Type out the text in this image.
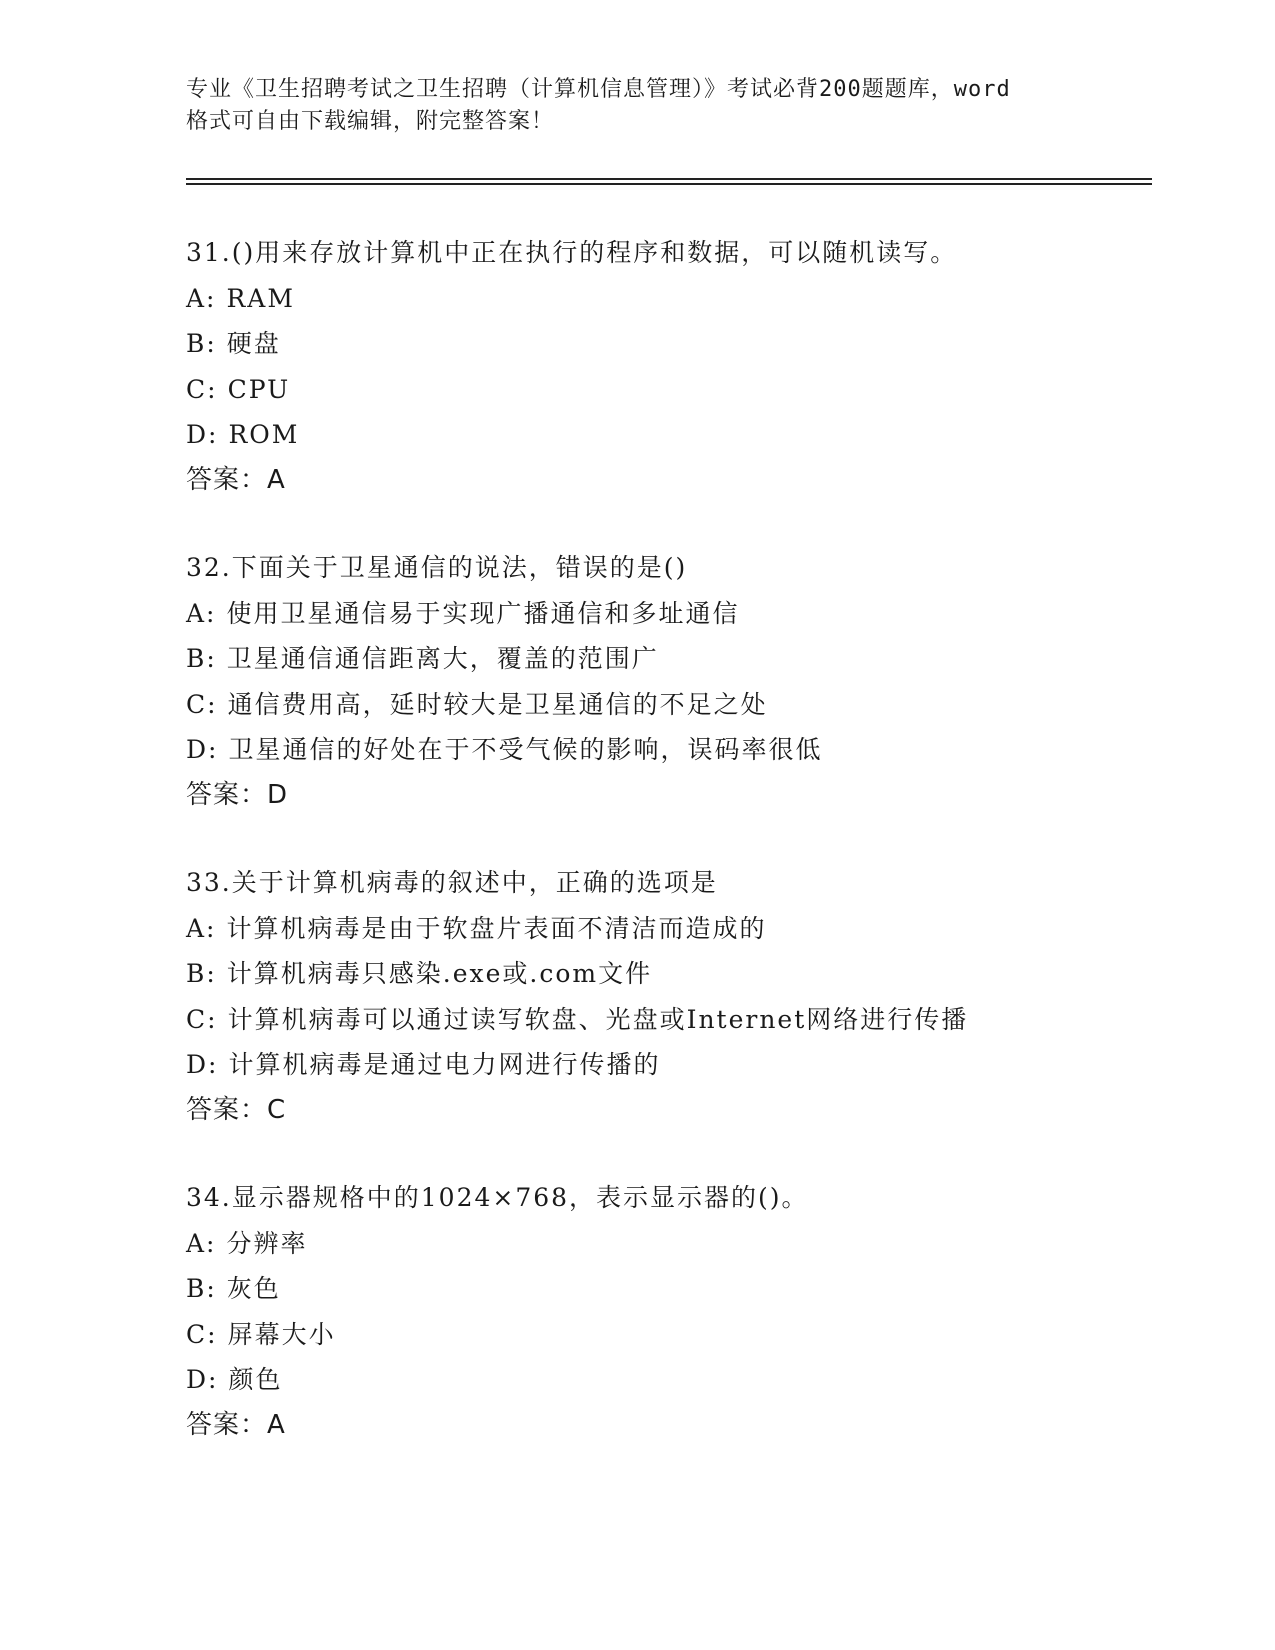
专业《卫生招聘考试之卫生招聘（计算机信息管理）》考试必背200题题库，word
格式可自由下载编辑，附完整答案！
31.()用来存放计算机中正在执行的程序和数据，可以随机读写。
A: RAM
B: 硬盘
C: CPU
D: ROM
答案：A
32.下面关于卫星通信的说法，错误的是()
A: 使用卫星通信易于实现广播通信和多址通信
B: 卫星通信通信距离大，覆盖的范围广
C: 通信费用高，延时较大是卫星通信的不足之处
D: 卫星通信的好处在于不受气候的影响，误码率很低
答案：D
33.关于计算机病毒的叙述中，正确的选项是
A: 计算机病毒是由于软盘片表面不清洁而造成的
B: 计算机病毒只感染.exe或.com文件
C: 计算机病毒可以通过读写软盘、光盘或Internet网络进行传播
D: 计算机病毒是通过电力网进行传播的
答案：C
34.显示器规格中的1024×768，表示显示器的()。
A: 分辨率
B: 灰色
C: 屏幕大小
D: 颜色
答案：A
